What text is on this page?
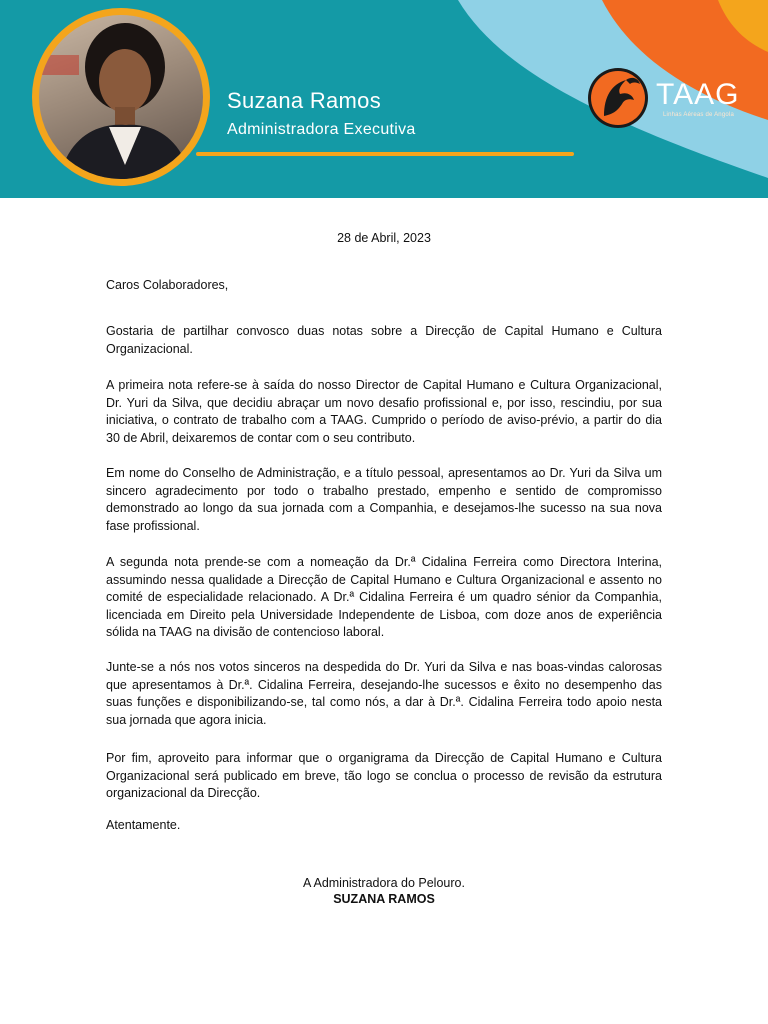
Suzana Ramos
Administradora Executiva
TAAG
Linhas Aéreas de Angola
28 de Abril, 2023

Caros Colaboradores,

Gostaria de partilhar convosco duas notas sobre a Direcção de Capital Humano e Cultura Organizacional.

A primeira nota refere-se à saída do nosso Director de Capital Humano e Cultura Organizacional, Dr. Yuri da Silva, que decidiu abraçar um novo desafio profissional e, por isso, rescindiu, por sua iniciativa, o contrato de trabalho com a TAAG. Cumprido o período de aviso-prévio, a partir do dia 30 de Abril, deixaremos de contar com o seu contributo.

Em nome do Conselho de Administração, e a título pessoal, apresentamos ao Dr. Yuri da Silva um sincero agradecimento por todo o trabalho prestado, empenho e sentido de compromisso demonstrado ao longo da sua jornada com a Companhia, e desejamos-lhe sucesso na sua nova fase profissional.

A segunda nota prende-se com a nomeação da Dr.ª Cidalina Ferreira como Directora Interina, assumindo nessa qualidade a Direcção de Capital Humano e Cultura Organizacional e assento no comité de especialidade relacionado. A Dr.ª Cidalina Ferreira é um quadro sénior da Companhia, licenciada em Direito pela Universidade Independente de Lisboa, com doze anos de experiência sólida na TAAG na divisão de contencioso laboral.

Junte-se a nós nos votos sinceros na despedida do Dr. Yuri da Silva e nas boas-vindas calorosas que apresentamos à Dr.ª. Cidalina Ferreira, desejando-lhe sucessos e êxito no desempenho das suas funções e disponibilizando-se, tal como nós, a dar à Dr.ª. Cidalina Ferreira todo apoio nesta sua jornada que agora inicia.

Por fim, aproveito para informar que o organigrama da Direcção de Capital Humano e Cultura Organizacional será publicado em breve, tão logo se conclua o processo de revisão da estrutura organizacional da Direcção.

Atentamente.

A Administradora do Pelouro.
SUZANA RAMOS
